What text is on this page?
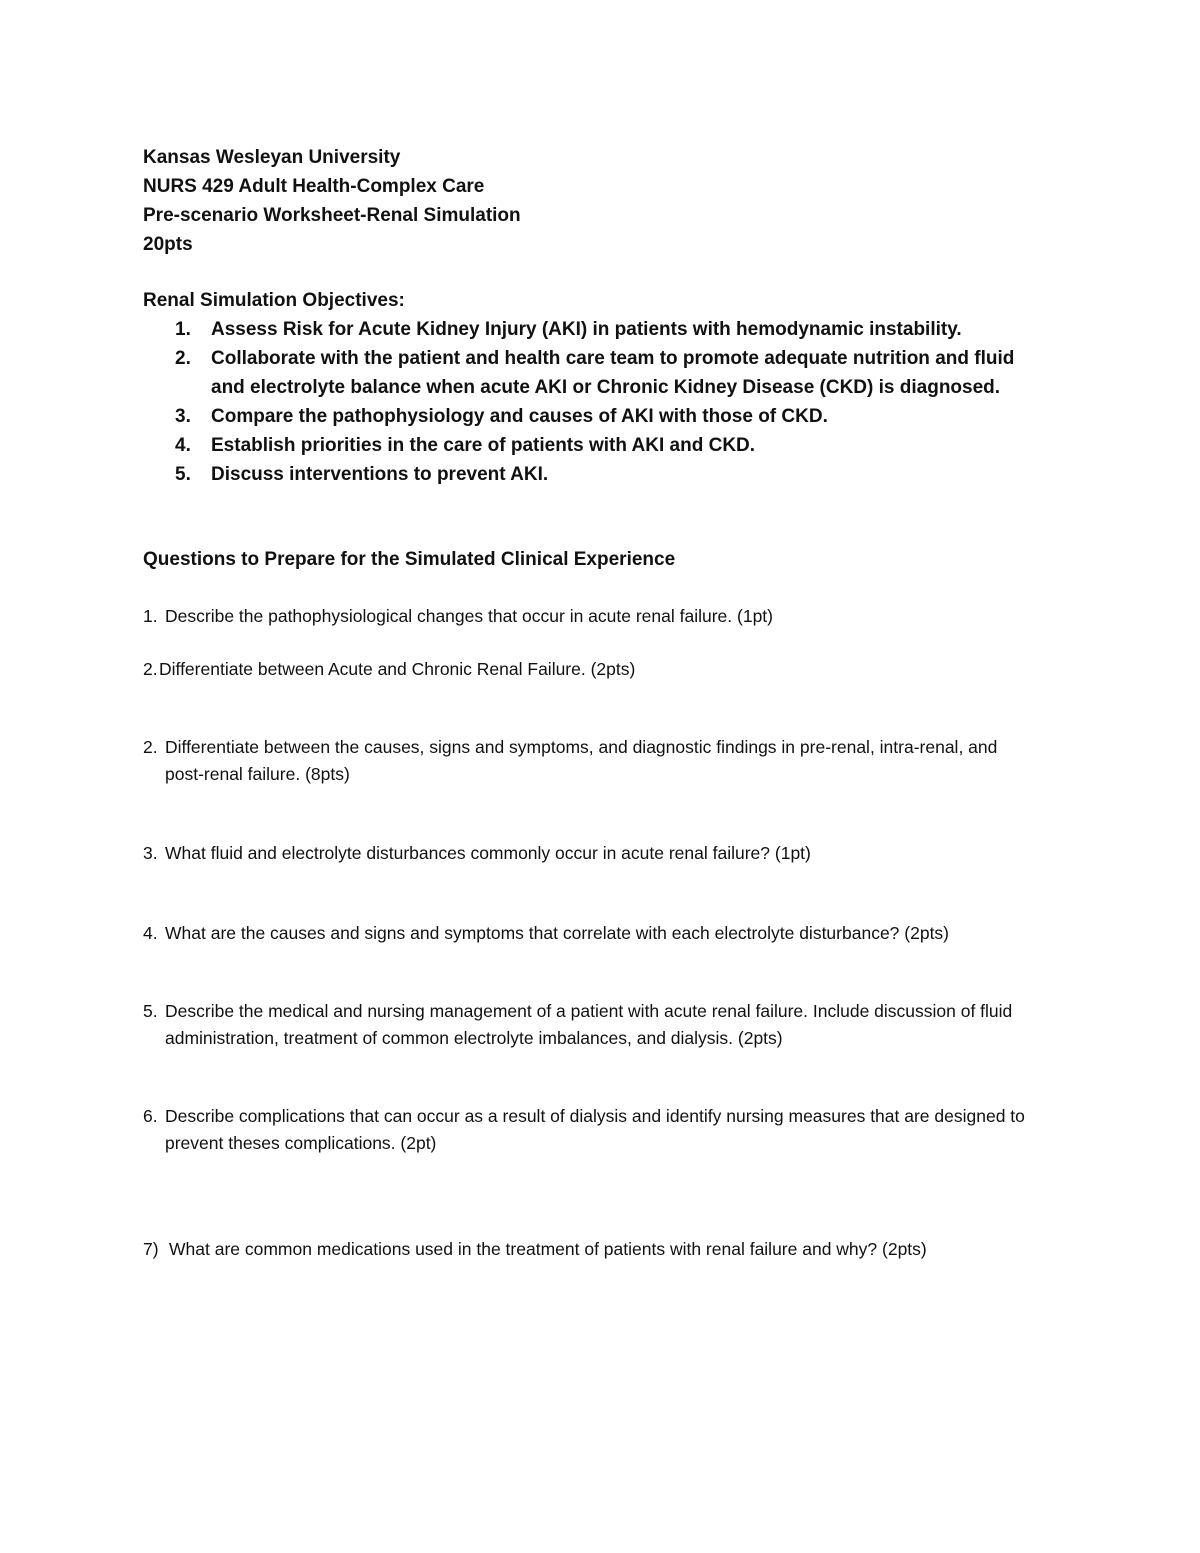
Kansas Wesleyan University
NURS 429 Adult Health-Complex Care
Pre-scenario Worksheet-Renal Simulation
20pts
Renal Simulation Objectives:
1. Assess Risk for Acute Kidney Injury (AKI) in patients with hemodynamic instability.
2. Collaborate with the patient and health care team to promote adequate nutrition and fluid and electrolyte balance when acute AKI or Chronic Kidney Disease (CKD) is diagnosed.
3. Compare the pathophysiology and causes of AKI with those of CKD.
4. Establish priorities in the care of patients with AKI and CKD.
5. Discuss interventions to prevent AKI.
Questions to Prepare for the Simulated Clinical Experience
1. Describe the pathophysiological changes that occur in acute renal failure. (1pt)
2. Differentiate between Acute and Chronic Renal Failure. (2pts)
2. Differentiate between the causes, signs and symptoms, and diagnostic findings in pre-renal, intra-renal, and post-renal failure. (8pts)
3. What fluid and electrolyte disturbances commonly occur in acute renal failure? (1pt)
4. What are the causes and signs and symptoms that correlate with each electrolyte disturbance? (2pts)
5. Describe the medical and nursing management of a patient with acute renal failure. Include discussion of fluid administration, treatment of common electrolyte imbalances, and dialysis. (2pts)
6. Describe complications that can occur as a result of dialysis and identify nursing measures that are designed to prevent theses complications. (2pt)
7) What are common medications used in the treatment of patients with renal failure and why? (2pts)
